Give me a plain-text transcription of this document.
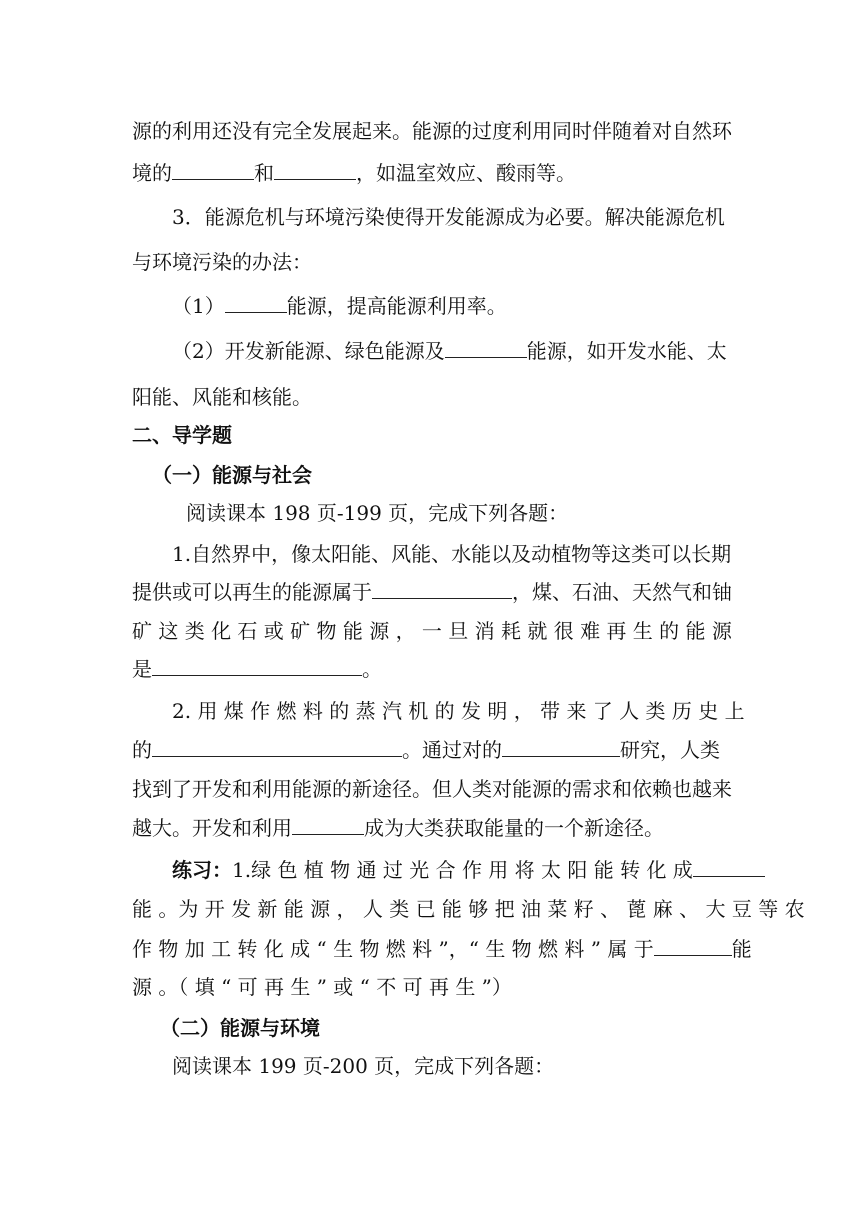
源的利用还没有完全发展起来。能源的过度利用同时伴随着对自然环
境的	和	，如温室效应、酸雨等。
3．能源危机与环境污染使得开发能源成为必要。解决能源危机
与环境污染的办法：
（1）	能源，提高能源利用率。
（2）开发新能源、绿色能源及	能源，如开发水能、太
阳能、风能和核能。
二、导学题
（一）能源与社会
阅读课本 198 页-199 页，完成下列各题：
1.自然界中，像太阳能、风能、水能以及动植物等这类可以长期
提供或可以再生的能源属于	，煤、石油、天然气和铀
矿 这 类 化 石 或 矿 物 能 源 ， 一 旦 消 耗 就 很 难 再 生 的 能 源
是	。
2. 用 煤 作 燃 料 的 蒸 汽 机 的 发 明 ， 带 来 了 人 类 历 史 上
的	。通过对的	研究，人类
找到了开发和利用能源的新途径。但人类对能源的需求和依赖也越来
越大。开发和利用	成为大类获取能量的一个新途径。
练习：1.绿 色 植 物 通 过 光 合 作 用 将 太 阳 能 转 化 成
能 。为 开 发 新 能 源 ， 人 类 已 能 够 把 油 菜 籽 、 蓖 麻 、 大 豆 等 农
作 物 加 工 转 化 成 “ 生 物 燃 料 ”，“ 生 物 燃 料 ” 属 于	能
源 。（ 填 “ 可 再 生 ” 或 “ 不 可 再 生 ”）
（二）能源与环境
阅读课本 199 页-200 页，完成下列各题：
